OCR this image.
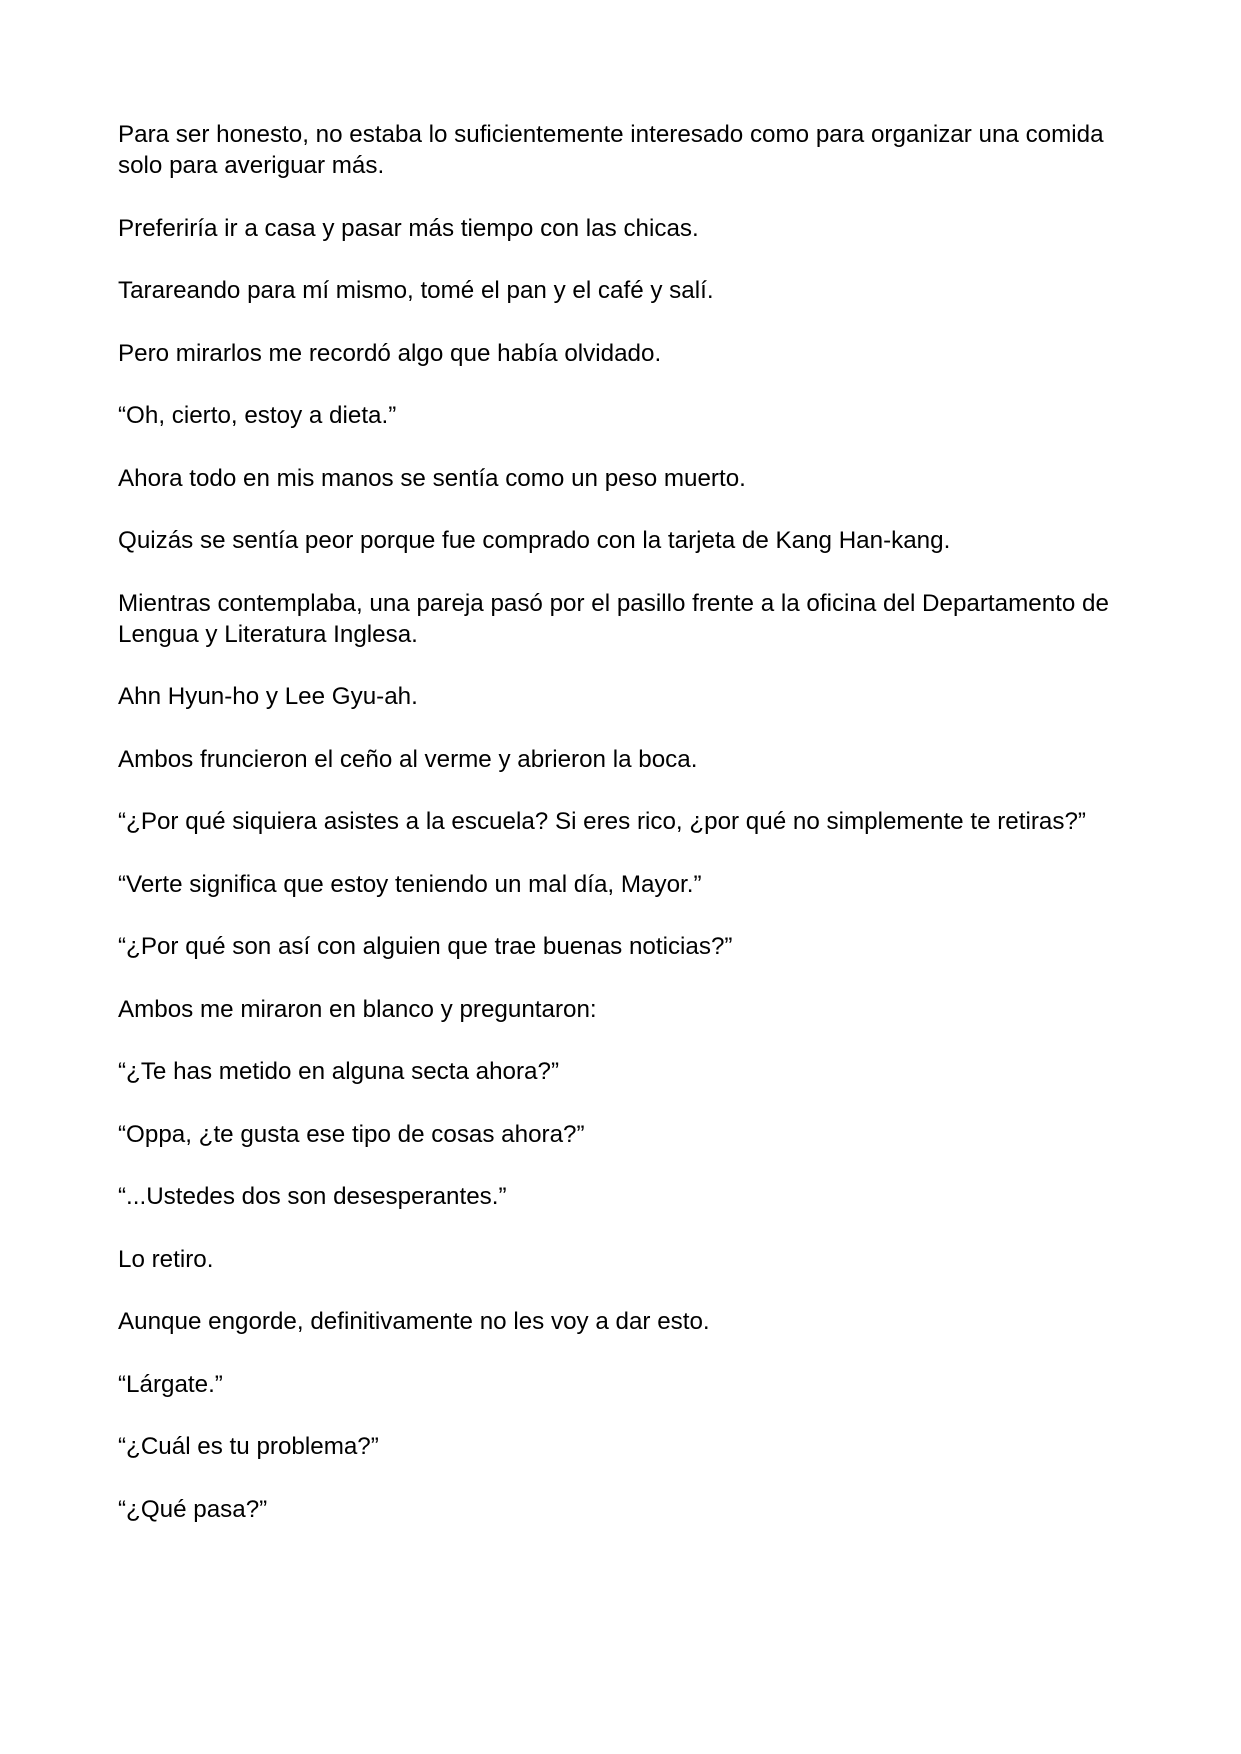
Para ser honesto, no estaba lo suficientemente interesado como para organizar una comida solo para averiguar más.

Preferiría ir a casa y pasar más tiempo con las chicas.

Tarareando para mí mismo, tomé el pan y el café y salí.

Pero mirarlos me recordó algo que había olvidado.

“Oh, cierto, estoy a dieta.”

Ahora todo en mis manos se sentía como un peso muerto.

Quizás se sentía peor porque fue comprado con la tarjeta de Kang Han-kang.

Mientras contemplaba, una pareja pasó por el pasillo frente a la oficina del Departamento de Lengua y Literatura Inglesa.

Ahn Hyun-ho y Lee Gyu-ah.

Ambos fruncieron el ceño al verme y abrieron la boca.

“¿Por qué siquiera asistes a la escuela? Si eres rico, ¿por qué no simplemente te retiras?”

“Verte significa que estoy teniendo un mal día, Mayor.”

“¿Por qué son así con alguien que trae buenas noticias?”

Ambos me miraron en blanco y preguntaron:

“¿Te has metido en alguna secta ahora?”

“Oppa, ¿te gusta ese tipo de cosas ahora?”

“...Ustedes dos son desesperantes.”

Lo retiro.

Aunque engorde, definitivamente no les voy a dar esto.

“Lárgate.”

“¿Cuál es tu problema?”

“¿Qué pasa?”
